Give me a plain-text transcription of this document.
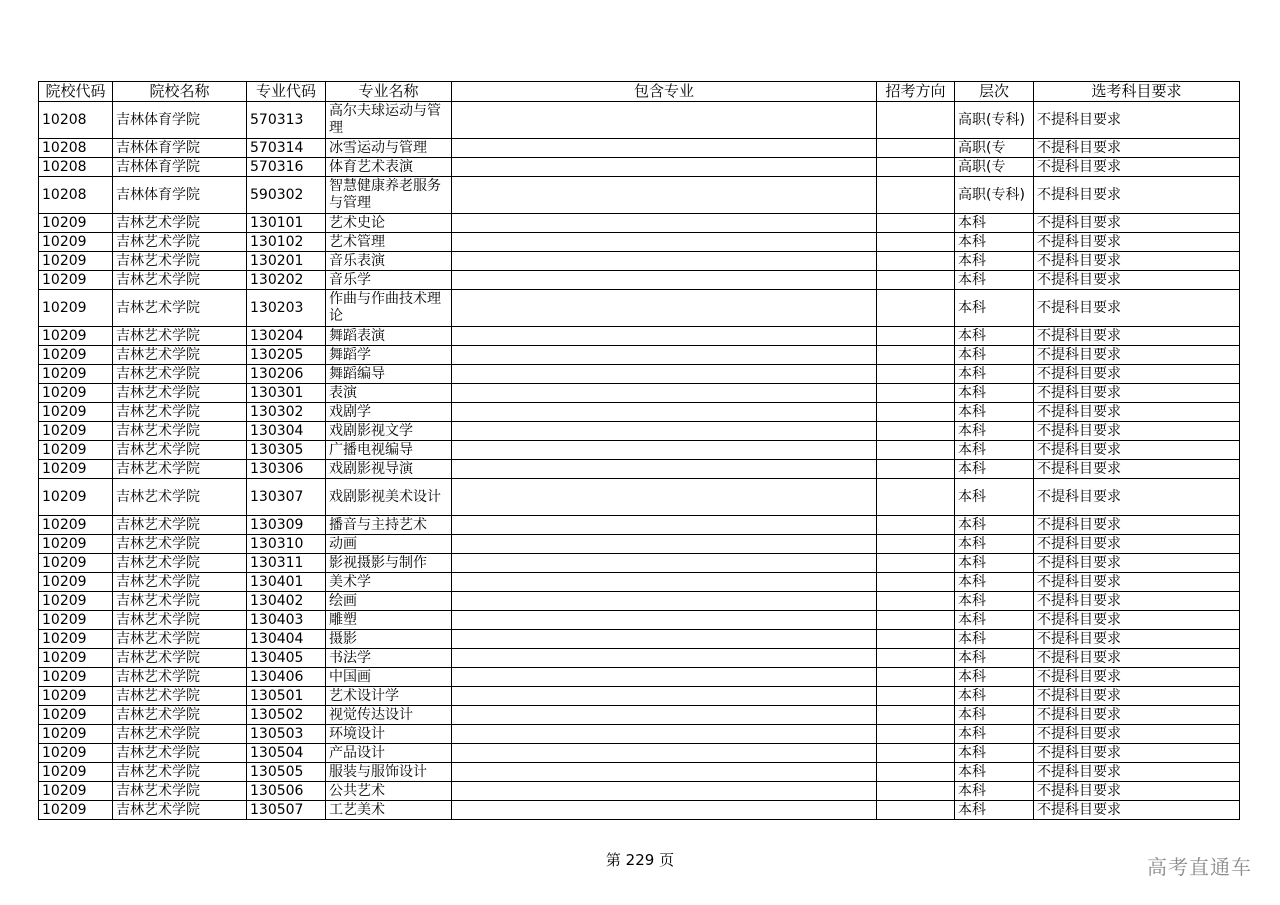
院校代码	院校名称	专业代码	专业名称	包含专业	招考方向	层次	选考科目要求
10208	吉林体育学院	570313	高尔夫球运动与管理			高职(专科)	不提科目要求
10208	吉林体育学院	570314	冰雪运动与管理			高职(专	不提科目要求
10208	吉林体育学院	570316	体育艺术表演			高职(专	不提科目要求
10208	吉林体育学院	590302	智慧健康养老服务与管理			高职(专科)	不提科目要求
10209	吉林艺术学院	130101	艺术史论			本科	不提科目要求
10209	吉林艺术学院	130102	艺术管理			本科	不提科目要求
10209	吉林艺术学院	130201	音乐表演			本科	不提科目要求
10209	吉林艺术学院	130202	音乐学			本科	不提科目要求
10209	吉林艺术学院	130203	作曲与作曲技术理论			本科	不提科目要求
10209	吉林艺术学院	130204	舞蹈表演			本科	不提科目要求
10209	吉林艺术学院	130205	舞蹈学			本科	不提科目要求
10209	吉林艺术学院	130206	舞蹈编导			本科	不提科目要求
10209	吉林艺术学院	130301	表演			本科	不提科目要求
10209	吉林艺术学院	130302	戏剧学			本科	不提科目要求
10209	吉林艺术学院	130304	戏剧影视文学			本科	不提科目要求
10209	吉林艺术学院	130305	广播电视编导			本科	不提科目要求
10209	吉林艺术学院	130306	戏剧影视导演			本科	不提科目要求
10209	吉林艺术学院	130307	戏剧影视美术设计			本科	不提科目要求
10209	吉林艺术学院	130309	播音与主持艺术			本科	不提科目要求
10209	吉林艺术学院	130310	动画			本科	不提科目要求
10209	吉林艺术学院	130311	影视摄影与制作			本科	不提科目要求
10209	吉林艺术学院	130401	美术学			本科	不提科目要求
10209	吉林艺术学院	130402	绘画			本科	不提科目要求
10209	吉林艺术学院	130403	雕塑			本科	不提科目要求
10209	吉林艺术学院	130404	摄影			本科	不提科目要求
10209	吉林艺术学院	130405	书法学			本科	不提科目要求
10209	吉林艺术学院	130406	中国画			本科	不提科目要求
10209	吉林艺术学院	130501	艺术设计学			本科	不提科目要求
10209	吉林艺术学院	130502	视觉传达设计			本科	不提科目要求
10209	吉林艺术学院	130503	环境设计			本科	不提科目要求
10209	吉林艺术学院	130504	产品设计			本科	不提科目要求
10209	吉林艺术学院	130505	服装与服饰设计			本科	不提科目要求
10209	吉林艺术学院	130506	公共艺术			本科	不提科目要求
10209	吉林艺术学院	130507	工艺美术			本科	不提科目要求
第 229 页	高考直通车
